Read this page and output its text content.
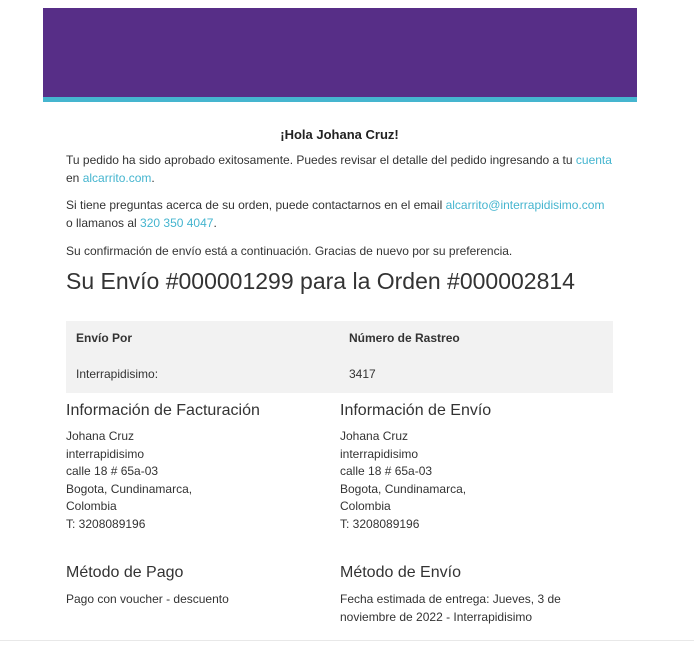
¡Hola Johana Cruz!
Tu pedido ha sido aprobado exitosamente. Puedes revisar el detalle del pedido ingresando a tu cuenta en alcarrito.com.
Si tiene preguntas acerca de su orden, puede contactarnos en el email alcarrito@interrapidisimo.com o llamanos al 320 350 4047.
Su confirmación de envío está a continuación. Gracias de nuevo por su preferencia.
Su Envío #000001299 para la Orden #000002814
Envío Por	Número de Rastreo
Interrapidisimo:	3417
Información de Facturación	Información de Envío
Johana Cruz
interrapidisimo
calle 18 # 65a-03
Bogota, Cundinamarca,
Colombia
T: 3208089196
Johana Cruz
interrapidisimo
calle 18 # 65a-03
Bogota, Cundinamarca,
Colombia
T: 3208089196
Método de Pago	Método de Envío
Pago con voucher - descuento	Fecha estimada de entrega: Jueves, 3 de
noviembre de 2022 - Interrapidisimo
